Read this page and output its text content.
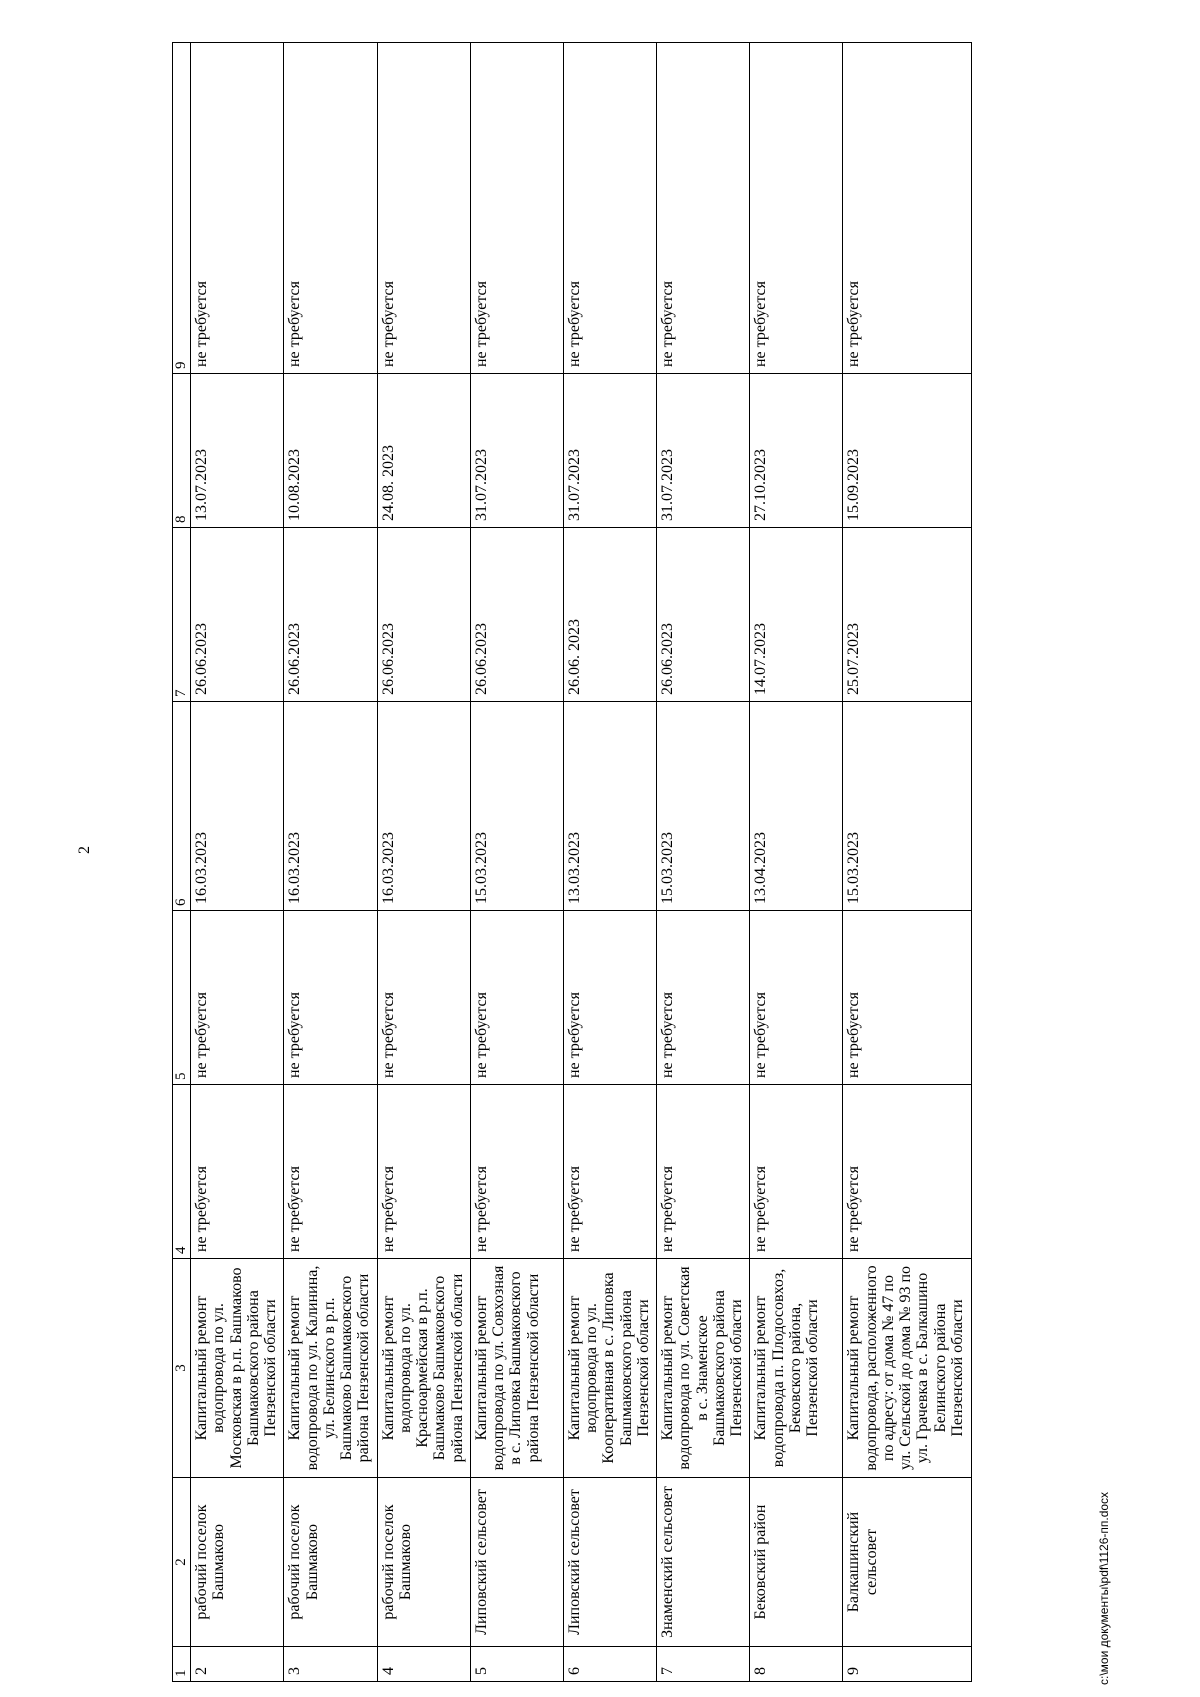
2
1	2	3	4	5	6	7	8	9
2	рабочий поселок Башмаково	Капитальный ремонт водопровода по ул. Московская в р.п. Башмаково Башмаковского района Пензенской области	не требуется	не требуется	16.03.2023	26.06.2023	13.07.2023	не требуется
3	рабочий поселок Башмаково	Капитальный ремонт водопровода по ул. Калинина, ул. Белинского в р.п. Башмаково Башмаковского района Пензенской области	не требуется	не требуется	16.03.2023	26.06.2023	10.08.2023	не требуется
4	рабочий поселок Башмаково	Капитальный ремонт водопровода по ул. Красноармейская в р.п. Башмаково Башмаковского района Пензенской области	не требуется	не требуется	16.03.2023	26.06.2023	24.08. 2023	не требуется
5	Липовский сельсовет	Капитальный ремонт водопровода по ул. Совхозная в с. Липовка Башмаковского района Пензенской области	не требуется	не требуется	15.03.2023	26.06.2023	31.07.2023	не требуется
6	Липовский сельсовет	Капитальный ремонт водопровода по ул. Кооперативная в с. Липовка Башмаковского района Пензенской области	не требуется	не требуется	13.03.2023	26.06. 2023	31.07.2023	не требуется
7	Знаменский сельсовет	Капитальный ремонт водопровода по ул. Советская в с. Знаменское Башмаковского района Пензенской области	не требуется	не требуется	15.03.2023	26.06.2023	31.07.2023	не требуется
8	Бековский район	Капитальный ремонт водопровода п. Плодосовхоз, Бековского района, Пензенской области	не требуется	не требуется	13.04.2023	14.07.2023	27.10.2023	не требуется
9	Балкашинский сельсовет	Капитальный ремонт водопровода, расположенного по адресу: от дома № 47 по ул. Сельской до дома № 93 по ул. Грачевка в с. Балкашино Белинского района Пензенской области	не требуется	не требуется	15.03.2023	25.07.2023	15.09.2023	не требуется
c:\мои документы\pdf\1126-пп.docx
